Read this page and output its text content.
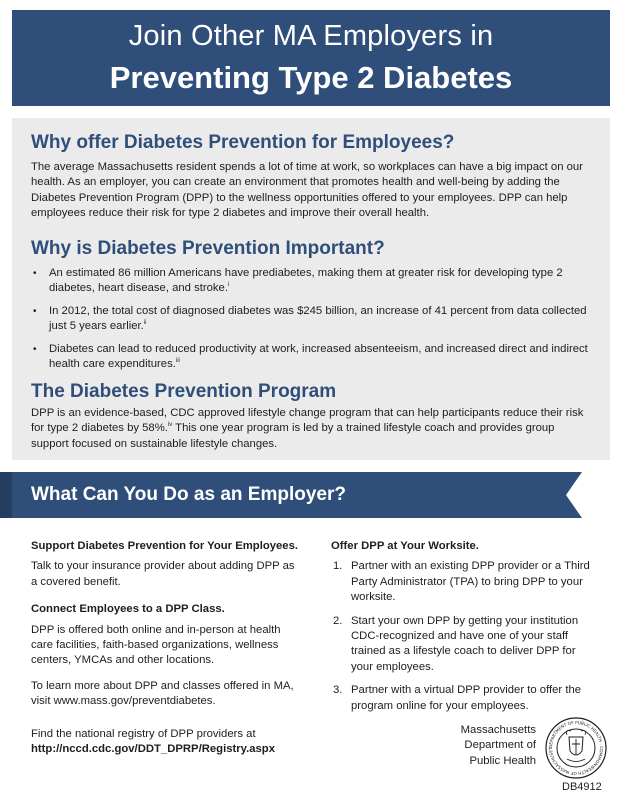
Join Other MA Employers in
Preventing Type 2 Diabetes
Why offer Diabetes Prevention for Employees?
The average Massachusetts resident spends a lot of time at work, so workplaces can have a big impact on our health. As an employer, you can create an environment that promotes health and well-being by adding the Diabetes Prevention Program (DPP) to the wellness opportunities offered to your employees. DPP can help employees reduce their risk for type 2 diabetes and improve their overall health.
Why is Diabetes Prevention Important?
• An estimated 86 million Americans have prediabetes, making them at greater risk for developing type 2 diabetes, heart disease, and stroke.$^i$
• In 2012, the total cost of diagnosed diabetes was $245 billion, an increase of 41 percent from data collected just 5 years earlier.$^{ii}$
• Diabetes can lead to reduced productivity at work, increased absenteeism, and increased direct and indirect health care expenditures.$^{iii}$
The Diabetes Prevention Program
DPP is an evidence-based, CDC approved lifestyle change program that can help participants reduce their risk for type 2 diabetes by 58%.$^{iv}$ This one year program is led by a trained lifestyle coach and provides group support focused on sustainable lifestyle changes.
What Can You Do as an Employer?
Support Diabetes Prevention for Your Employees.

Talk to your insurance provider about adding DPP as a covered benefit.

Connect Employees to a DPP Class.

DPP is offered both online and in-person at health care facilities, faith-based organizations, wellness centers, YMCAs and other locations.

To learn more about DPP and classes offered in MA, visit www.mass.gov/preventdiabetes.

Offer DPP at Your Worksite.
1. Partner with an existing DPP provider or a Third Party Administrator (TPA) to bring DPP to your worksite.
2. Start your own DPP by getting your institution CDC-recognized and have one of your staff trained as a lifestyle coach to deliver DPP for your employees.
3. Partner with a virtual DPP provider to offer the program online for your employees.
Find the national registry of DPP providers at
http://nccd.cdc.gov/DDT_DPRP/Registry.aspx
Massachusetts
Department of
Public Health
DEPARTMENT OF PUBLIC HEALTH · COMMONWEALTH OF MASSACHUSET
DB4912
